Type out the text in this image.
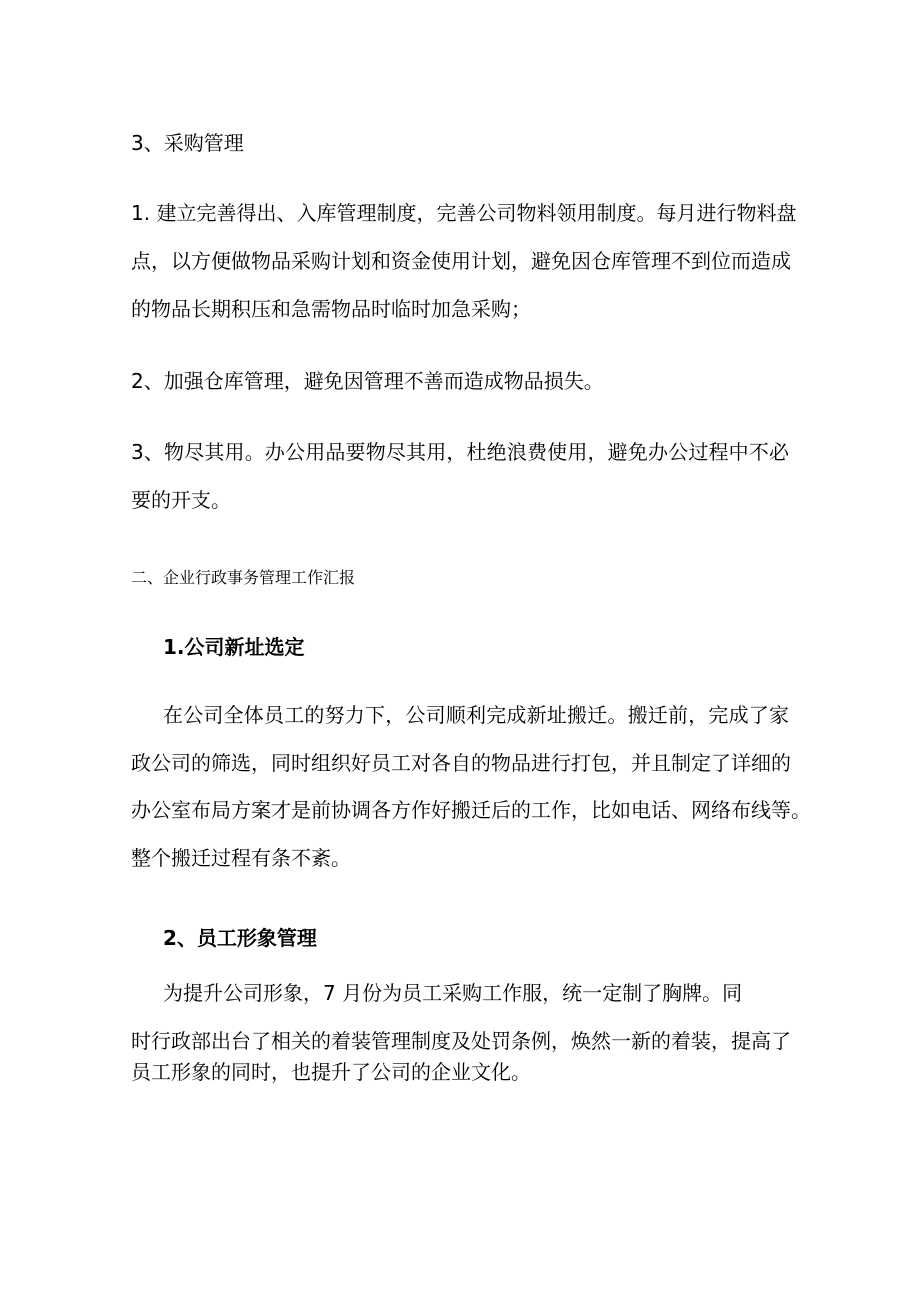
3、采购管理
1. 建立完善得出、入库管理制度，完善公司物料领用制度。每月进行物料盘
点，以方便做物品采购计划和资金使用计划，避免因仓库管理不到位而造成
的物品长期积压和急需物品时临时加急采购；
2、加强仓库管理，避免因管理不善而造成物品损失。
3、物尽其用。办公用品要物尽其用，杜绝浪费使用，避免办公过程中不必
要的开支。
二、企业行政事务管理工作汇报
1.公司新址选定
在公司全体员工的努力下，公司顺利完成新址搬迁。搬迁前，完成了家
政公司的筛选，同时组织好员工对各自的物品进行打包，并且制定了详细的
办公室布局方案才是前协调各方作好搬迁后的工作，比如电话、网络布线等。
整个搬迁过程有条不紊。
2、员工形象管理
为提升公司形象，7 月份为员工采购工作服，统一定制了胸牌。同
时行政部出台了相关的着装管理制度及处罚条例，焕然一新的着装，提高了
员工形象的同时，也提升了公司的企业文化。
